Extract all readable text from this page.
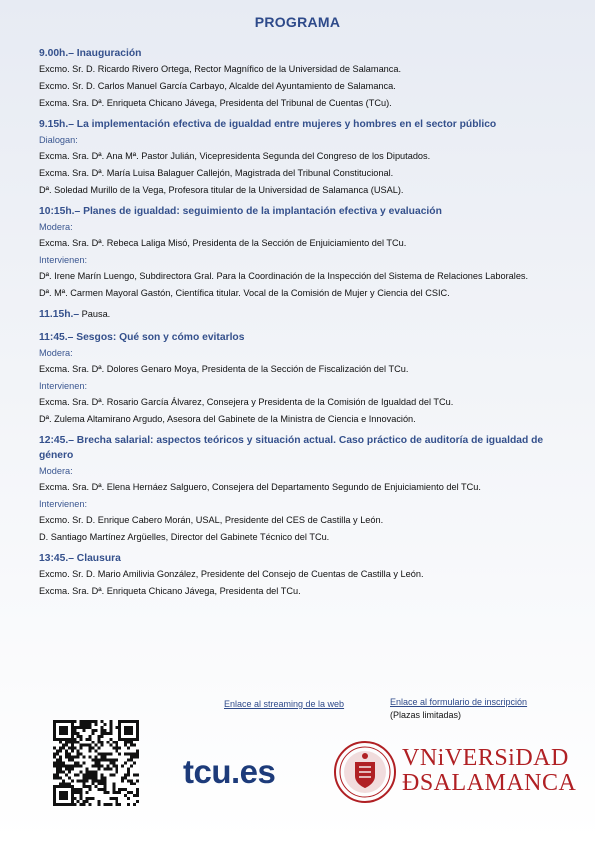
PROGRAMA
9.00h.– Inauguración
Excmo. Sr. D. Ricardo Rivero Ortega, Rector Magnífico de la Universidad de Salamanca.
Excmo. Sr. D. Carlos Manuel García Carbayo, Alcalde del Ayuntamiento de Salamanca.
Excma. Sra. Dª. Enriqueta Chicano Jávega, Presidenta del Tribunal de Cuentas (TCu).
9.15h.– La implementación efectiva de igualdad entre mujeres y hombres en el sector público
Dialogan:
Excma. Sra. Dª. Ana Mª. Pastor Julián, Vicepresidenta Segunda del Congreso de los Diputados.
Excma. Sra. Dª. María Luisa Balaguer Callejón, Magistrada del Tribunal Constitucional.
Dª. Soledad Murillo de la Vega, Profesora titular de la Universidad de Salamanca (USAL).
10:15h.– Planes de igualdad: seguimiento de la implantación efectiva y evaluación
Modera:
Excma. Sra. Dª. Rebeca Laliga Misó, Presidenta de la Sección de Enjuiciamiento del TCu.
Intervienen:
Dª. Irene Marín Luengo, Subdirectora Gral. Para la Coordinación de la Inspección del Sistema de Relaciones Laborales.
Dª. Mª. Carmen Mayoral Gastón, Científica titular. Vocal de la Comisión de Mujer y Ciencia del CSIC.
11.15h.– Pausa.
11:45.– Sesgos: Qué son y cómo evitarlos
Modera:
Excma. Sra. Dª. Dolores Genaro Moya, Presidenta de la Sección de Fiscalización del TCu.
Intervienen:
Excma. Sra. Dª. Rosario García Álvarez, Consejera y Presidenta de la Comisión de Igualdad del TCu.
Dª. Zulema Altamirano Argudo, Asesora del Gabinete de la Ministra de Ciencia e Innovación.
12:45.– Brecha salarial: aspectos teóricos y situación actual. Caso práctico de auditoría de igualdad de género
Modera:
Excma. Sra. Dª. Elena Hernáez Salguero, Consejera del Departamento Segundo de Enjuiciamiento del TCu.
Intervienen:
Excmo. Sr. D. Enrique Cabero Morán, USAL, Presidente del CES de Castilla y León.
D. Santiago Martínez Argüelles, Director del Gabinete Técnico del TCu.
13:45.– Clausura
Excmo. Sr. D. Mario Amilivia González, Presidente del Consejo de Cuentas de Castilla y León.
Excma. Sra. Dª. Enriqueta Chicano Jávega, Presidenta del TCu.
Enlace al streaming de la web	Enlace al formulario de inscripción
(Plazas limitadas)
tcu.es	VNiVERSiDAD
ÐSALAMANCA
